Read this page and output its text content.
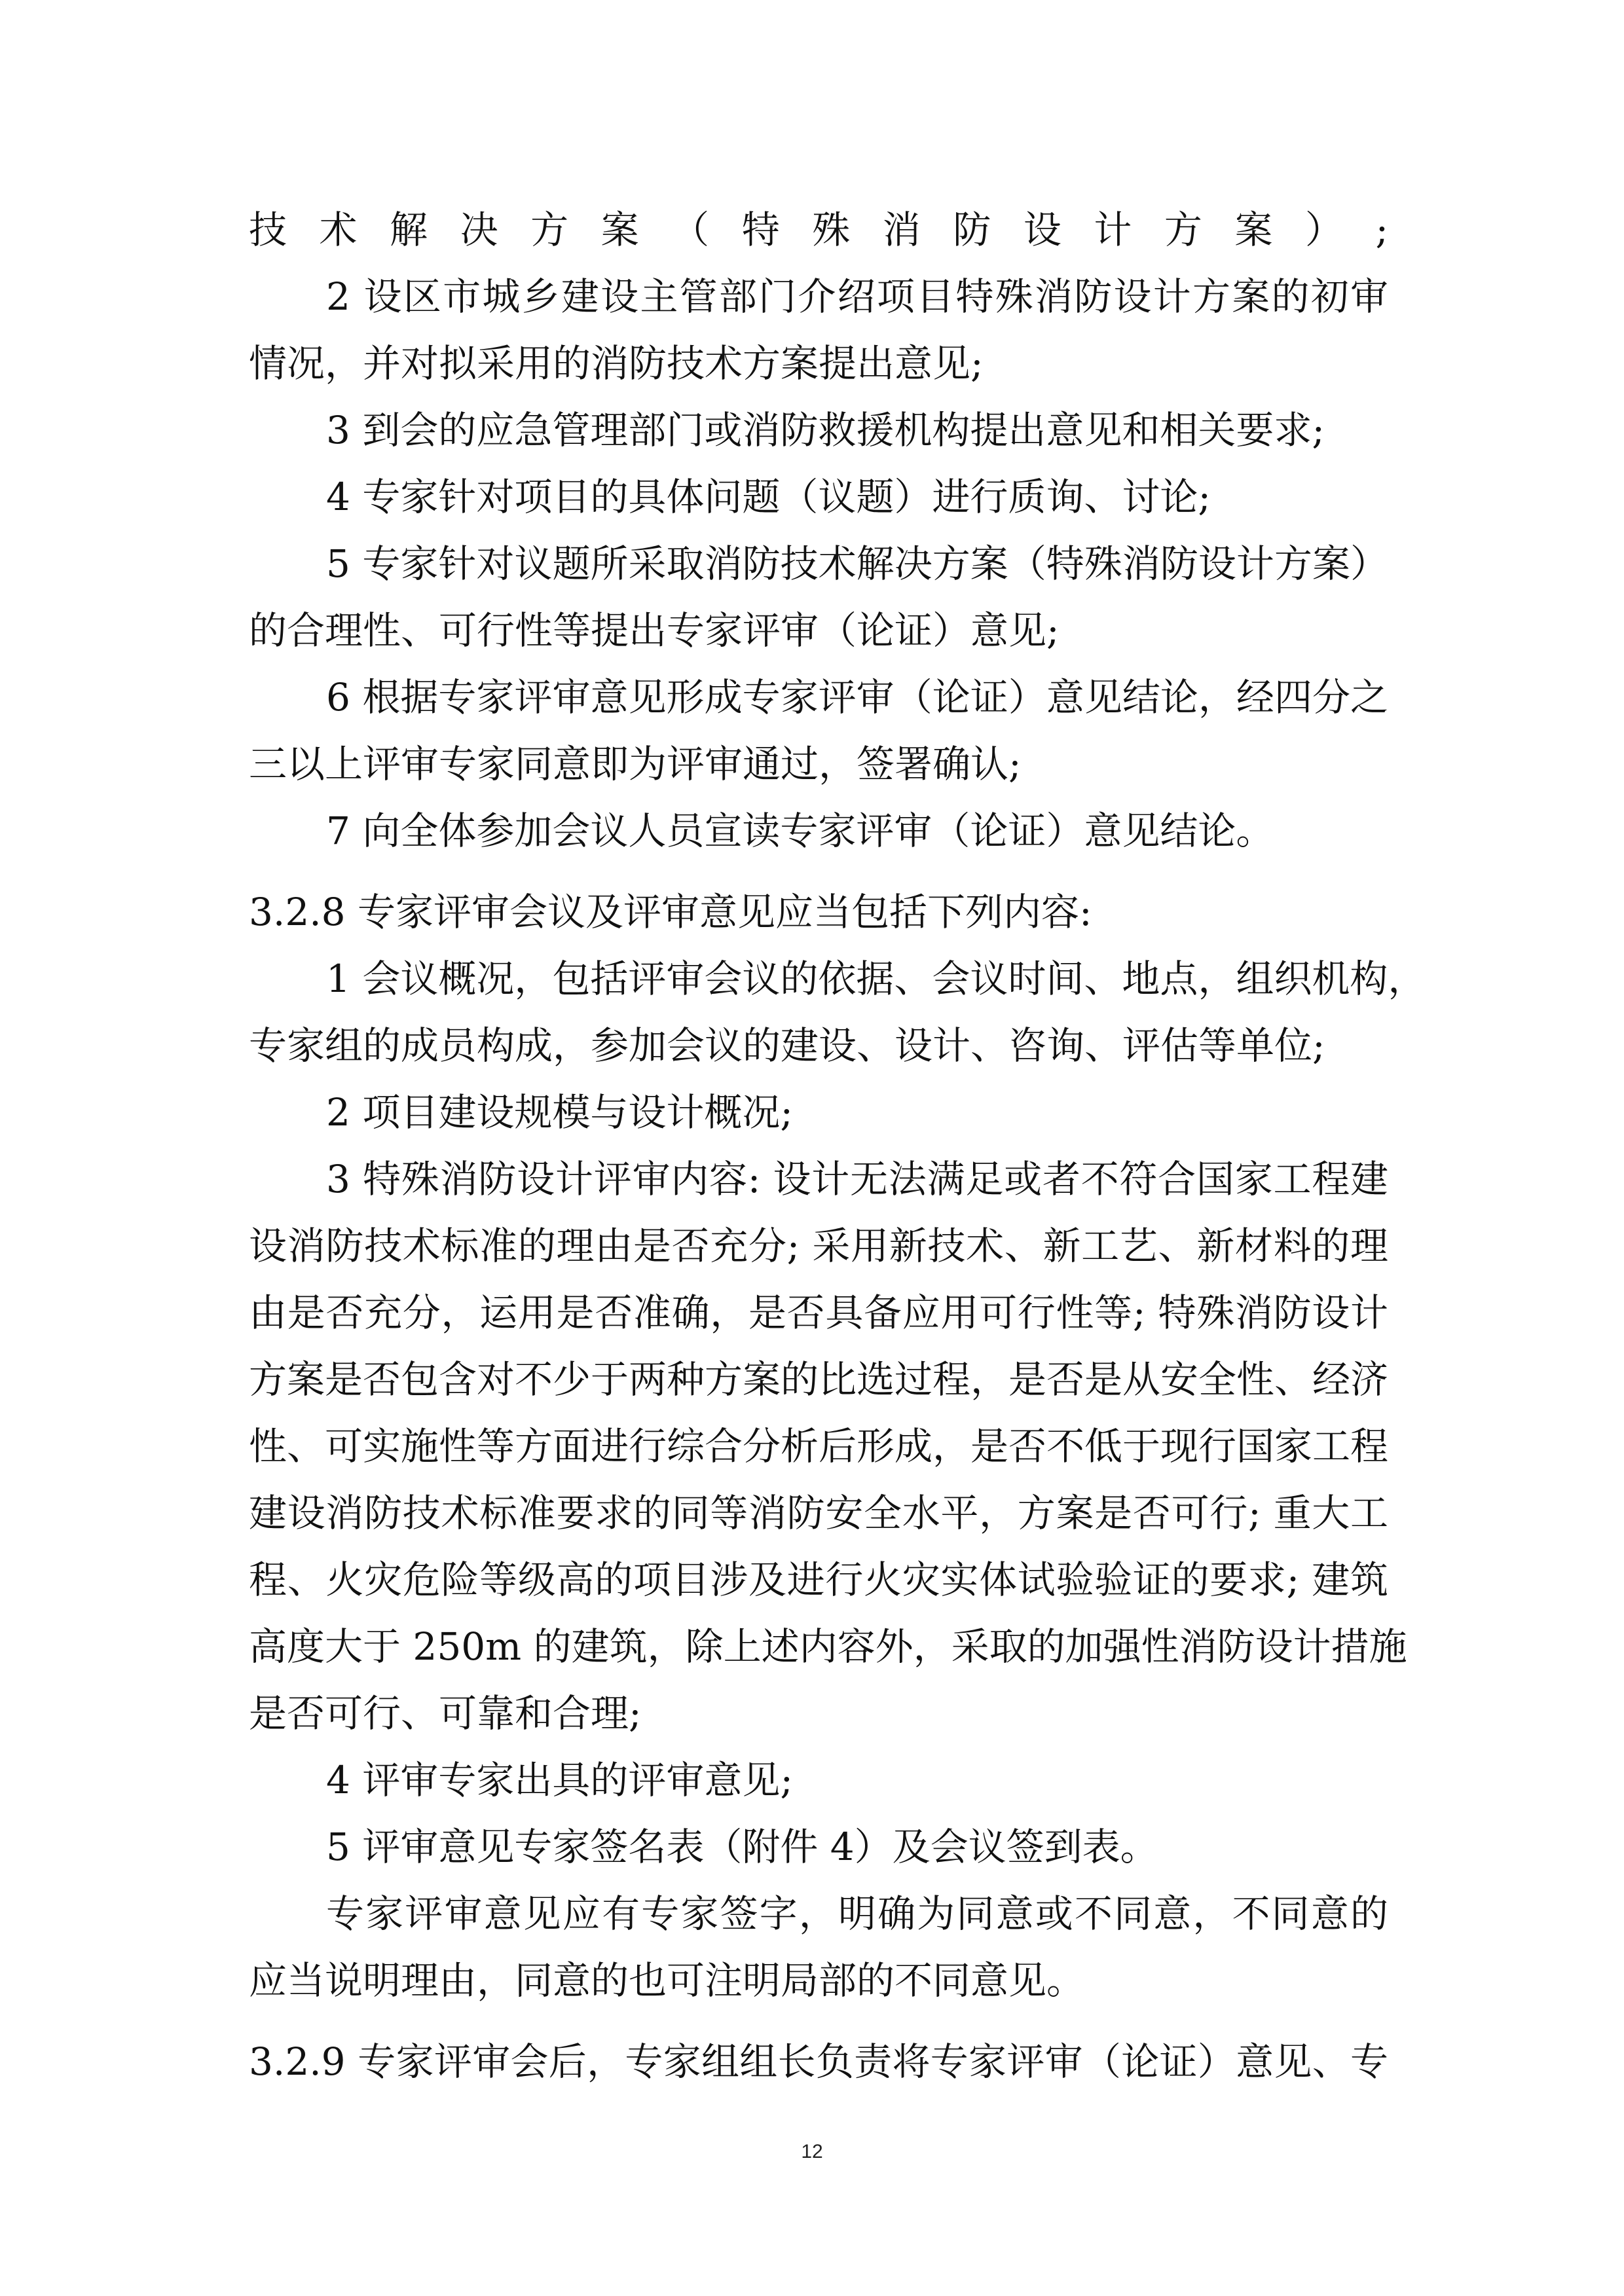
技术解决方案（特殊消防设计方案）;
2 设区市城乡建设主管部门介绍项目特殊消防设计方案的初审
情况，并对拟采用的消防技术方案提出意见;
3 到会的应急管理部门或消防救援机构提出意见和相关要求;
4 专家针对项目的具体问题（议题）进行质询、讨论;
5 专家针对议题所采取消防技术解决方案（特殊消防设计方案）
的合理性、可行性等提出专家评审（论证）意见;
6 根据专家评审意见形成专家评审（论证）意见结论，经四分之
三以上评审专家同意即为评审通过，签署确认;
7 向全体参加会议人员宣读专家评审（论证）意见结论。
3.2.8 专家评审会议及评审意见应当包括下列内容:
1 会议概况，包括评审会议的依据、会议时间、地点，组织机构，
专家组的成员构成，参加会议的建设、设计、咨询、评估等单位;
2 项目建设规模与设计概况;
3 特殊消防设计评审内容: 设计无法满足或者不符合国家工程建
设消防技术标准的理由是否充分; 采用新技术、新工艺、新材料的理
由是否充分，运用是否准确，是否具备应用可行性等; 特殊消防设计
方案是否包含对不少于两种方案的比选过程，是否是从安全性、经济
性、可实施性等方面进行综合分析后形成，是否不低于现行国家工程
建设消防技术标准要求的同等消防安全水平，方案是否可行; 重大工
程、火灾危险等级高的项目涉及进行火灾实体试验验证的要求; 建筑
高度大于 250m 的建筑，除上述内容外，采取的加强性消防设计措施
是否可行、可靠和合理;
4 评审专家出具的评审意见;
5 评审意见专家签名表（附件 4）及会议签到表。
专家评审意见应有专家签字，明确为同意或不同意，不同意的
应当说明理由，同意的也可注明局部的不同意见。
3.2.9 专家评审会后，专家组组长负责将专家评审（论证）意见、专
12
